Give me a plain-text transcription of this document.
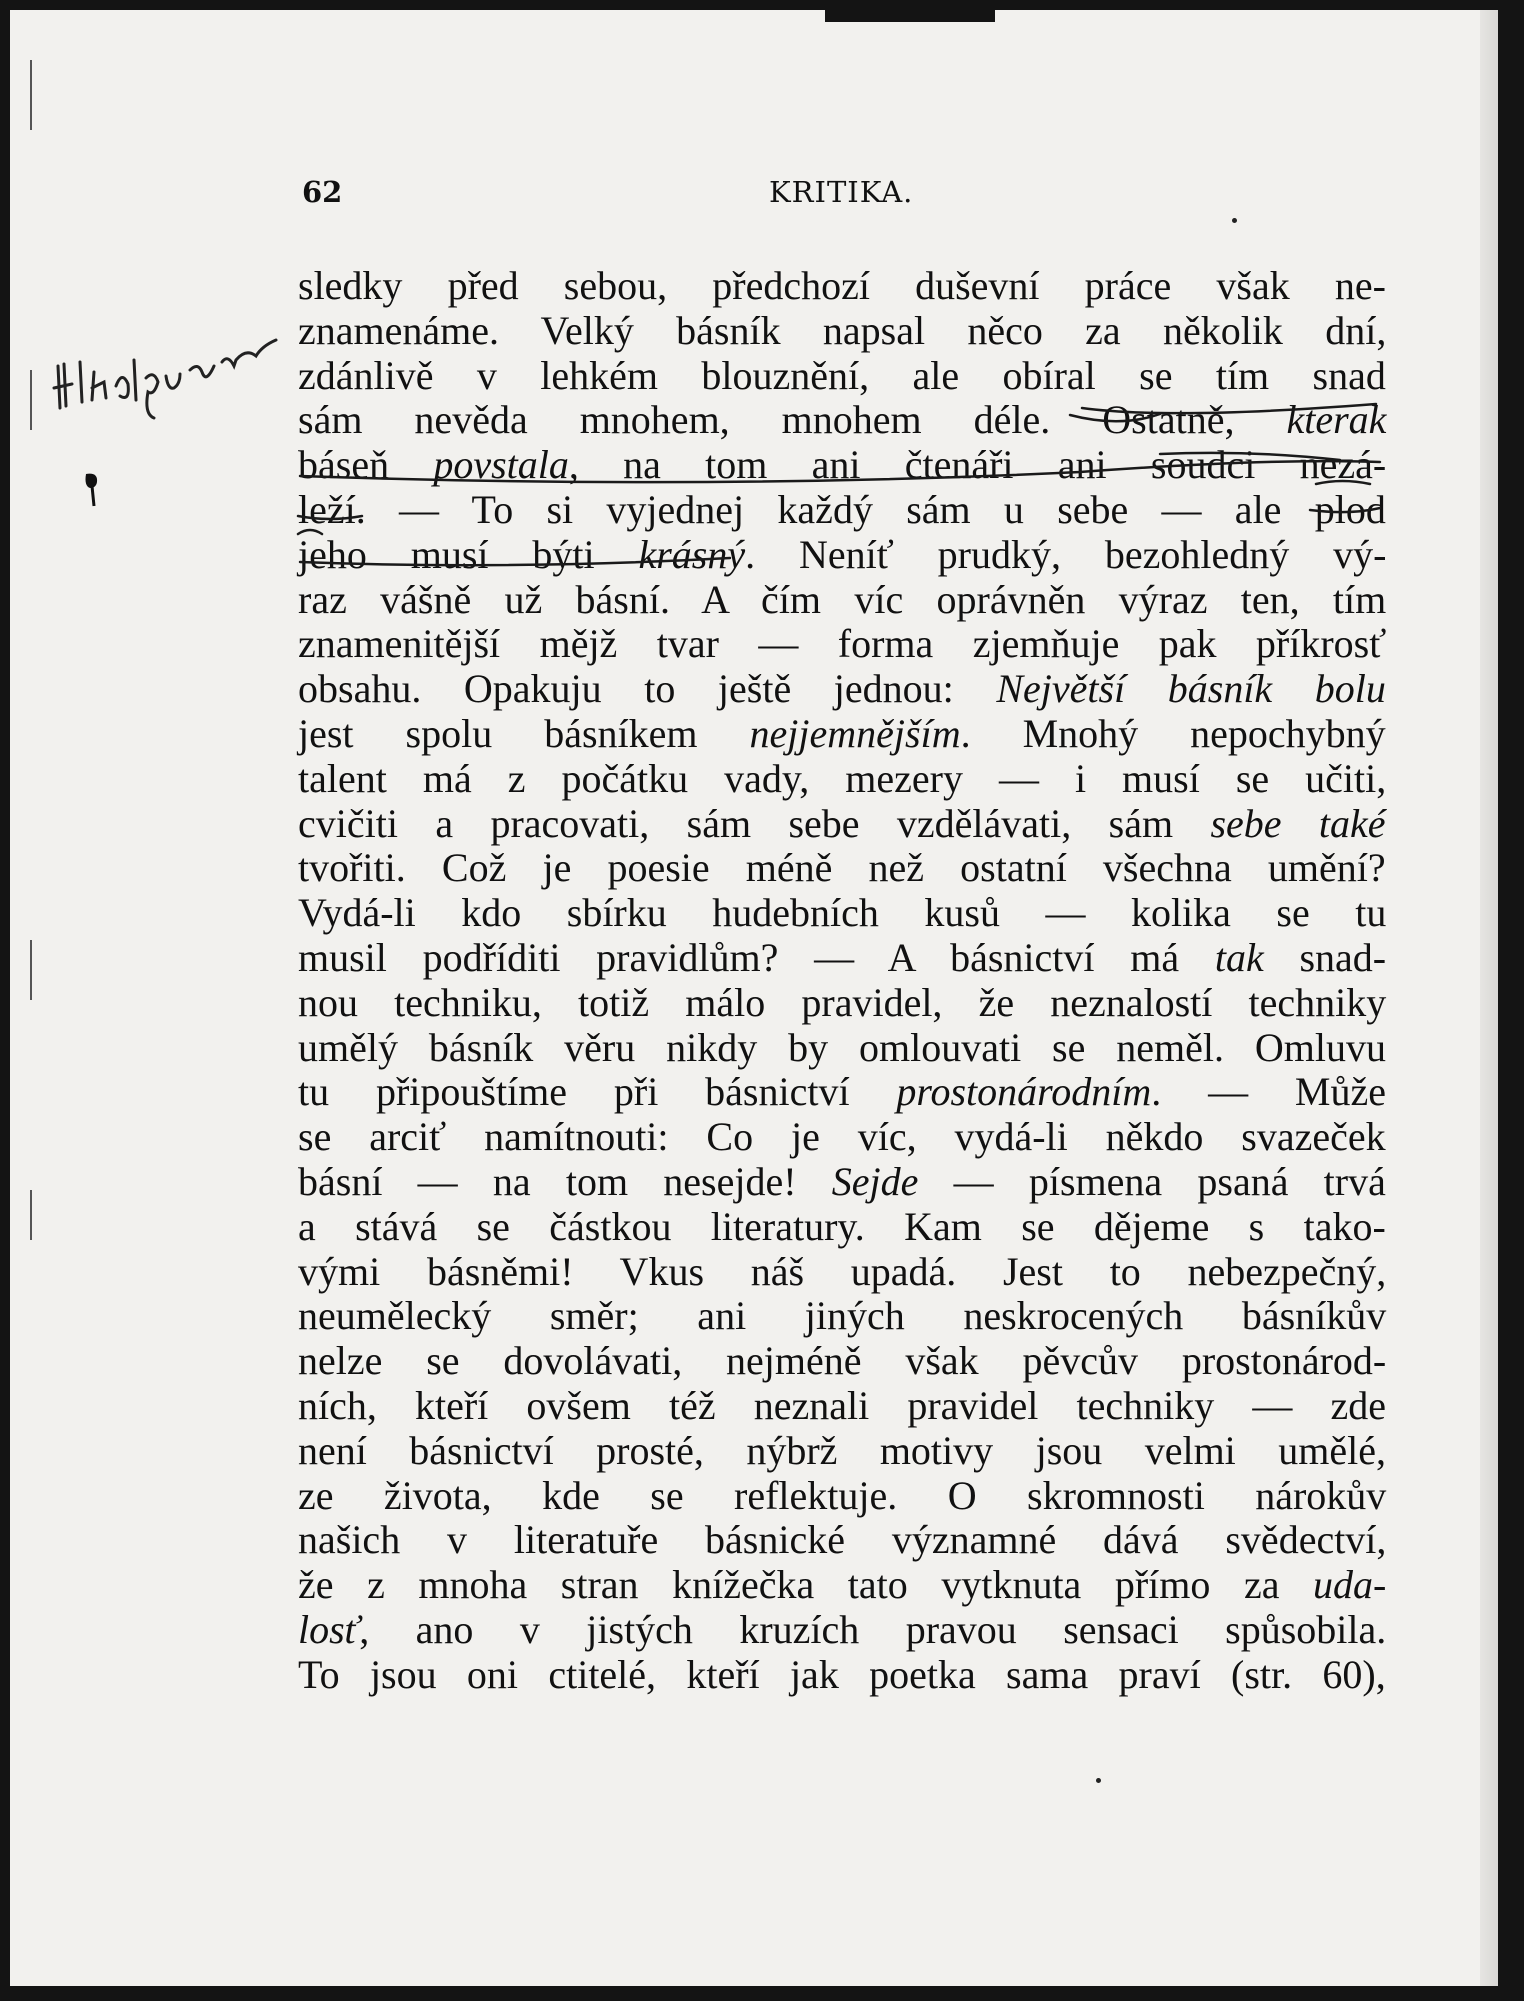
62	KRITIKA.
sledky před sebou, předchozí duševní práce však ne-
znamenáme. Velký básník napsal něco za několik dní,
zdánlivě v lehkém blouznění, ale obíral se tím snad
sám nevěda mnohem, mnohem déle. Ostatně, kterak
báseň povstala, na tom ani čtenáři ani soudci nezá-
leží. — To si vyjednej každý sám u sebe — ale plod
jeho musí býti krásný. Neníť prudký, bezohledný vý-
raz vášně už básní. A čím víc oprávněn výraz ten, tím
znamenitější mějž tvar — forma zjemňuje pak příkrosť
obsahu. Opakuju to ještě jednou: Největší básník bolu
jest spolu básníkem nejjemnějším. Mnohý nepochybný
talent má z počátku vady, mezery — i musí se učiti,
cvičiti a pracovati, sám sebe vzdělávati, sám sebe také
tvořiti. Což je poesie méně než ostatní všechna umění?
Vydá-li kdo sbírku hudebních kusů — kolika se tu
musil podříditi pravidlům? — A básnictví má tak snad-
nou techniku, totiž málo pravidel, že neznalostí techniky
umělý básník věru nikdy by omlouvati se neměl. Omluvu
tu připouštíme při básnictví prostonárodním. — Může
se arciť namítnouti: Co je víc, vydá-li někdo svazeček
básní — na tom nesejde! Sejde — písmena psaná trvá
a stává se částkou literatury. Kam se dějeme s tako-
vými básněmi! Vkus náš upadá. Jest to nebezpečný,
neumělecký směr; ani jiných neskrocených básníkův
nelze se dovolávati, nejméně však pěvcův prostonárod-
ních, kteří ovšem též neznali pravidel techniky — zde
není básnictví prosté, nýbrž motivy jsou velmi umělé,
ze života, kde se reflektuje. O skromnosti nárokův
našich v literatuře básnické významné dává svědectví,
že z mnoha stran knížečka tato vytknuta přímo za uda-
losť, ano v jistých kruzích pravou sensaci spůsobila.
To jsou oni ctitelé, kteří jak poetka sama praví (str. 60),
